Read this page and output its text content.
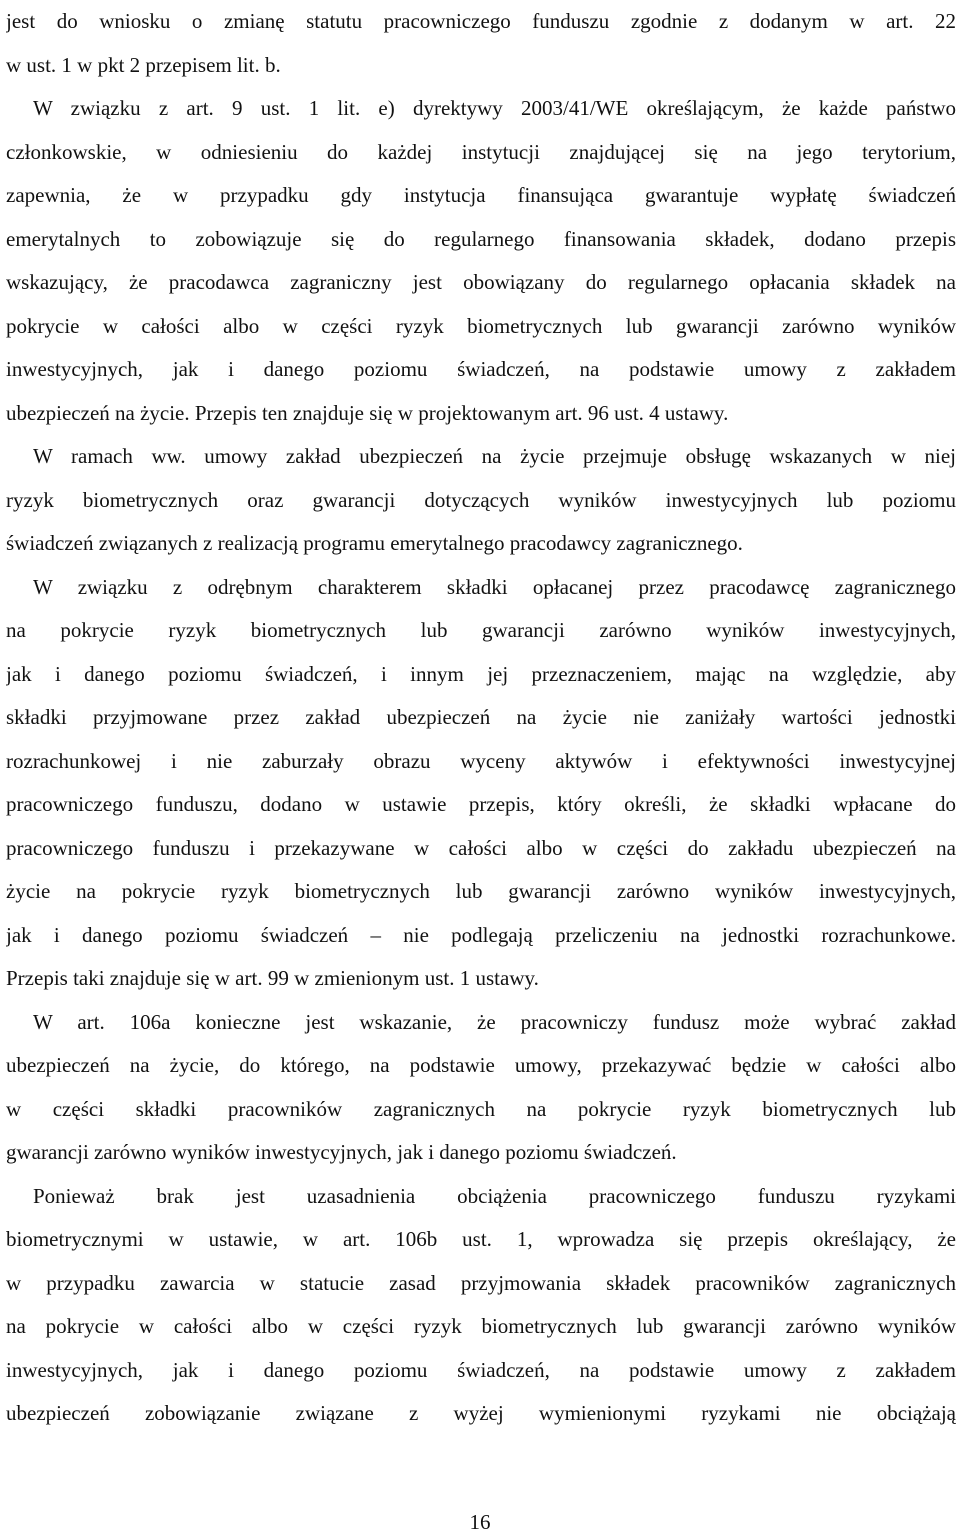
jest do wniosku o zmianę statutu pracowniczego funduszu zgodnie z dodanym w art. 22
w ust. 1 w pkt 2 przepisem lit. b.
W związku z art. 9 ust. 1 lit. e) dyrektywy 2003/41/WE określającym, że każde państwo
członkowskie, w odniesieniu do każdej instytucji znajdującej się na jego terytorium,
zapewnia, że w przypadku gdy instytucja finansująca gwarantuje wypłatę świadczeń
emerytalnych to zobowiązuje się do regularnego finansowania składek, dodano przepis
wskazujący, że pracodawca zagraniczny jest obowiązany do regularnego opłacania składek na
pokrycie w całości albo w części ryzyk biometrycznych lub gwarancji zarówno wyników
inwestycyjnych, jak i danego poziomu świadczeń, na podstawie umowy z zakładem
ubezpieczeń na życie. Przepis ten znajduje się w projektowanym art. 96 ust. 4 ustawy.
W ramach ww. umowy zakład ubezpieczeń na życie przejmuje obsługę wskazanych w niej
ryzyk biometrycznych oraz gwarancji dotyczących wyników inwestycyjnych lub poziomu
świadczeń związanych z realizacją programu emerytalnego pracodawcy zagranicznego.
W związku z odrębnym charakterem składki opłacanej przez pracodawcę zagranicznego
na pokrycie ryzyk biometrycznych lub gwarancji zarówno wyników inwestycyjnych,
jak i danego poziomu świadczeń, i innym jej przeznaczeniem, mając na względzie, aby
składki przyjmowane przez zakład ubezpieczeń na życie nie zaniżały wartości jednostki
rozrachunkowej i nie zaburzały obrazu wyceny aktywów i efektywności inwestycyjnej
pracowniczego funduszu, dodano w ustawie przepis, który określi, że składki wpłacane do
pracowniczego funduszu i przekazywane w całości albo w części do zakładu ubezpieczeń na
życie na pokrycie ryzyk biometrycznych lub gwarancji zarówno wyników inwestycyjnych,
jak i danego poziomu świadczeń – nie podlegają przeliczeniu na jednostki rozrachunkowe.
Przepis taki znajduje się w art. 99 w zmienionym ust. 1 ustawy.
W art. 106a konieczne jest wskazanie, że pracowniczy fundusz może wybrać zakład
ubezpieczeń na życie, do którego, na podstawie umowy, przekazywać będzie w całości albo
w części składki pracowników zagranicznych na pokrycie ryzyk biometrycznych lub
gwarancji zarówno wyników inwestycyjnych, jak i danego poziomu świadczeń.
Ponieważ brak jest uzasadnienia obciążenia pracowniczego funduszu ryzykami
biometrycznymi w ustawie, w art. 106b ust. 1, wprowadza się przepis określający, że
w przypadku zawarcia w statucie zasad przyjmowania składek pracowników zagranicznych
na pokrycie w całości albo w części ryzyk biometrycznych lub gwarancji zarówno wyników
inwestycyjnych, jak i danego poziomu świadczeń, na podstawie umowy z zakładem
ubezpieczeń zobowiązanie związane z wyżej wymienionymi ryzykami nie obciążają
16
